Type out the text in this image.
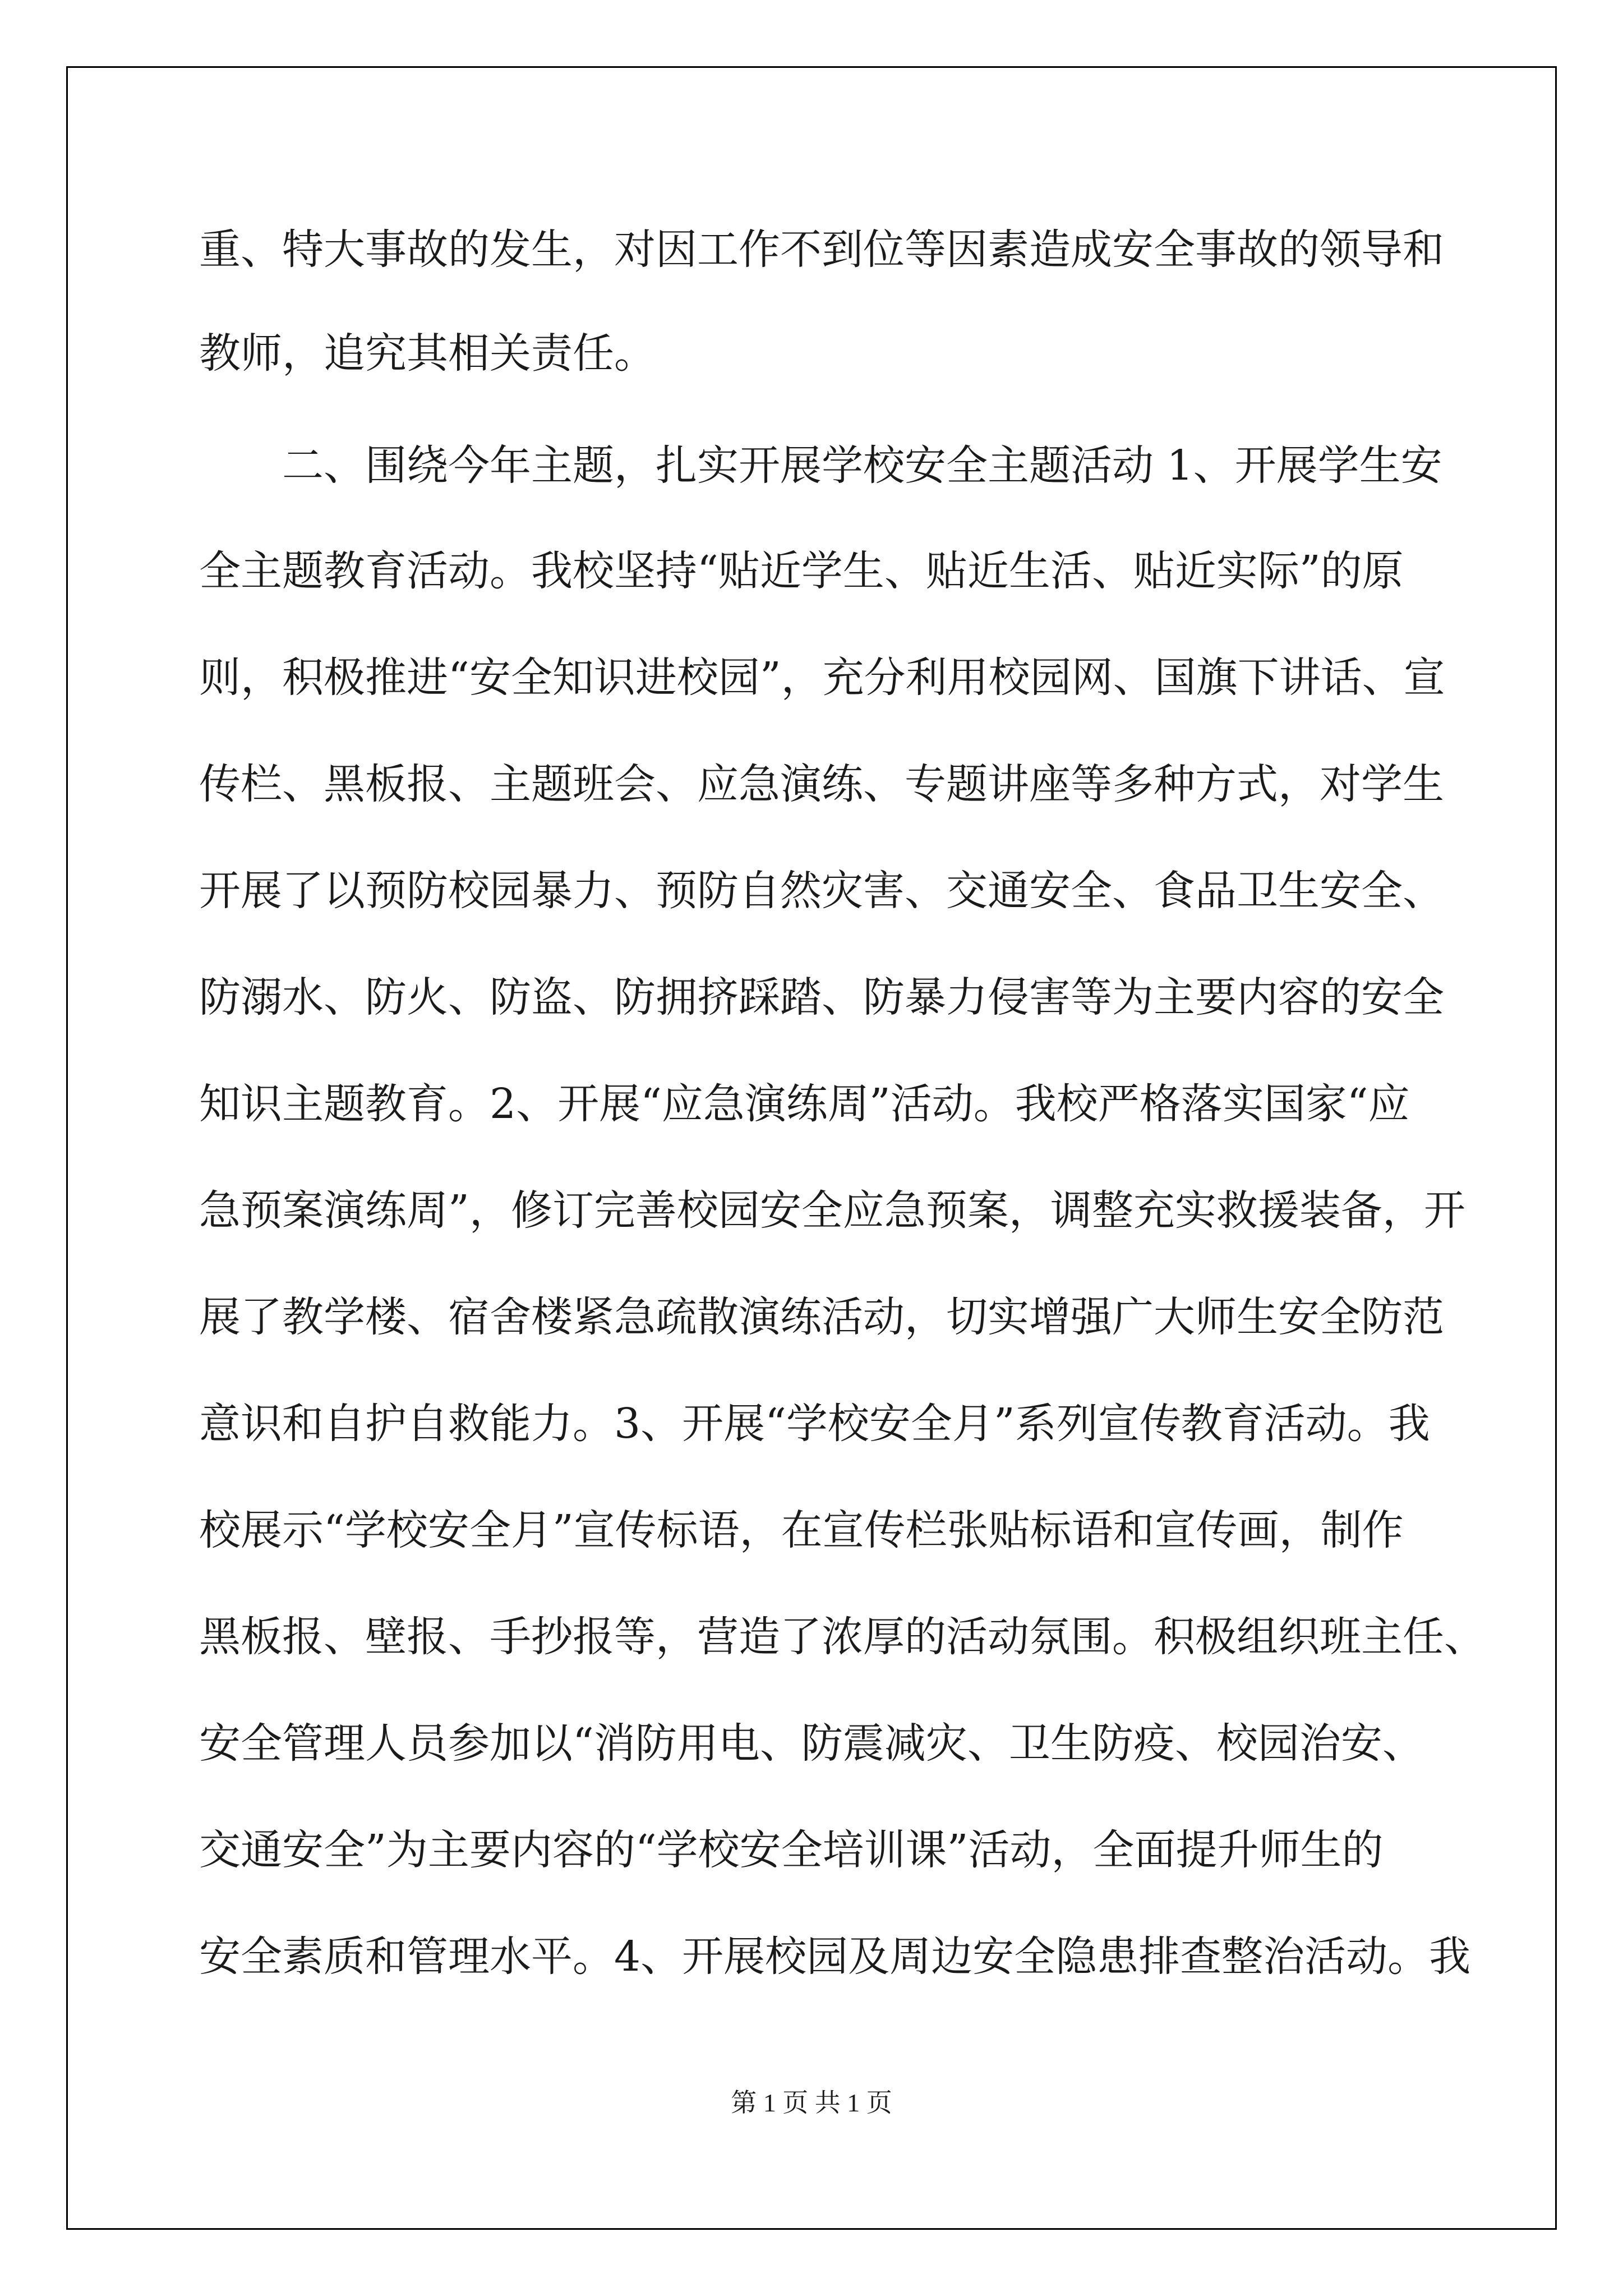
重、特大事故的发生，对因工作不到位等因素造成安全事故的领导和
教师，追究其相关责任。
二、围绕今年主题，扎实开展学校安全主题活动 1、开展学生安
全主题教育活动。我校坚持“贴近学生、贴近生活、贴近实际”的原
则，积极推进“安全知识进校园”，充分利用校园网、国旗下讲话、宣
传栏、黑板报、主题班会、应急演练、专题讲座等多种方式，对学生
开展了以预防校园暴力、预防自然灾害、交通安全、食品卫生安全、
防溺水、防火、防盗、防拥挤踩踏、防暴力侵害等为主要内容的安全
知识主题教育。2、开展“应急演练周”活动。我校严格落实国家“应
急预案演练周”，修订完善校园安全应急预案，调整充实救援装备，开
展了教学楼、宿舍楼紧急疏散演练活动，切实增强广大师生安全防范
意识和自护自救能力。3、开展“学校安全月”系列宣传教育活动。我
校展示“学校安全月”宣传标语，在宣传栏张贴标语和宣传画，制作
黑板报、壁报、手抄报等，营造了浓厚的活动氛围。积极组织班主任、
安全管理人员参加以“消防用电、防震减灾、卫生防疫、校园治安、
交通安全”为主要内容的“学校安全培训课”活动，全面提升师生的
安全素质和管理水平。4、开展校园及周边安全隐患排查整治活动。我
第 1 页 共 1 页
